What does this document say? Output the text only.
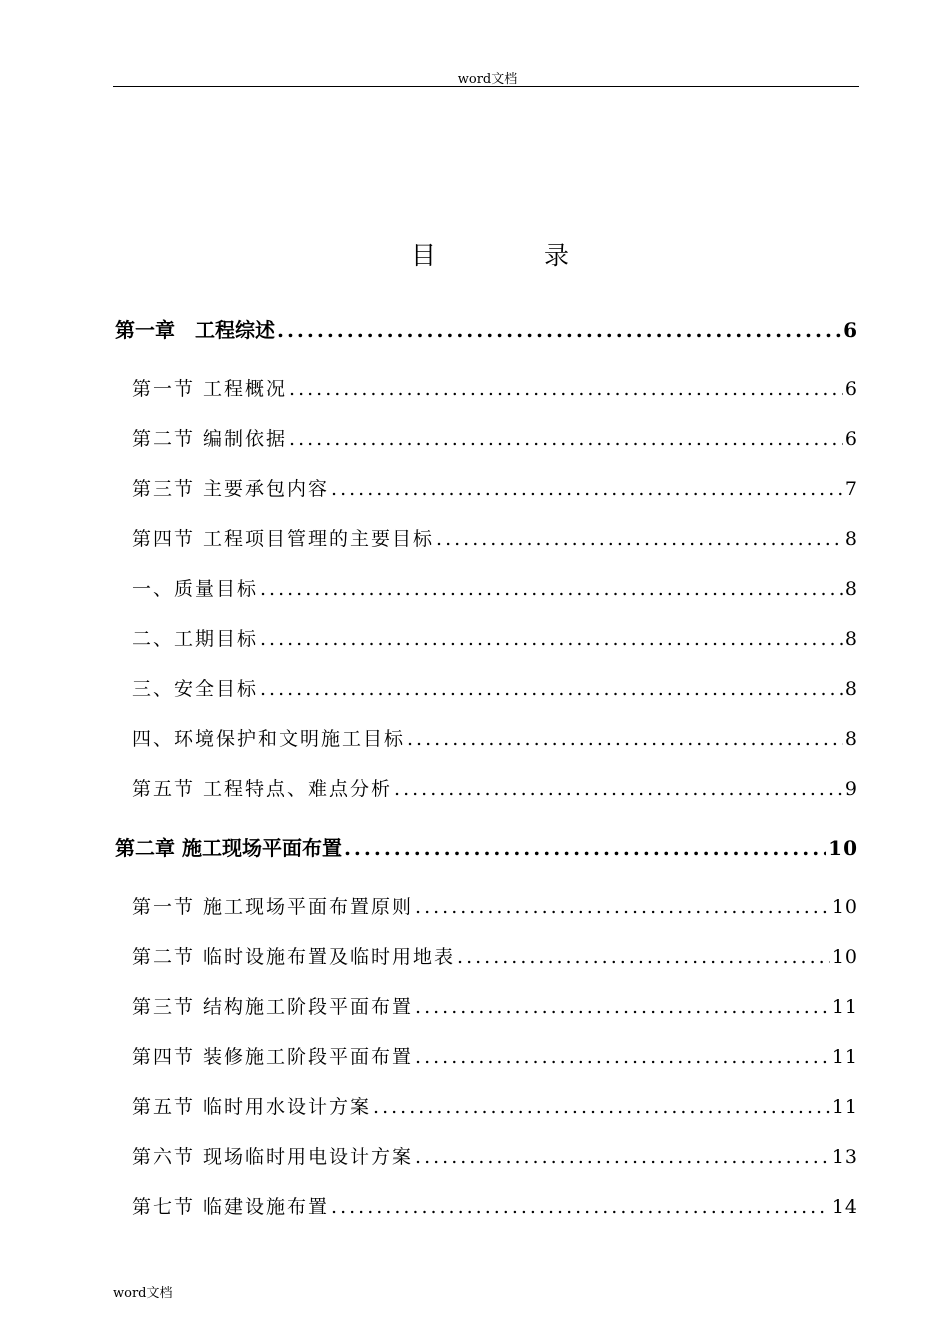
word文档
目 录
第一章　工程综述 .....	6
第一节 工程概况 .....	6
第二节 编制依据 .....	6
第三节 主要承包内容 .....	7
第四节 工程项目管理的主要目标 .....	8
一、质量目标 .....	8
二、工期目标 .....	8
三、安全目标 .....	8
四、环境保护和文明施工目标 .....	8
第五节 工程特点、难点分析 .....	9
第二章 施工现场平面布置 .....	10
第一节 施工现场平面布置原则 .....	10
第二节 临时设施布置及临时用地表 .....	10
第三节 结构施工阶段平面布置 .....	11
第四节 装修施工阶段平面布置 .....	11
第五节 临时用水设计方案 .....	11
第六节 现场临时用电设计方案 .....	13
第七节 临建设施布置 .....	14
word文档
